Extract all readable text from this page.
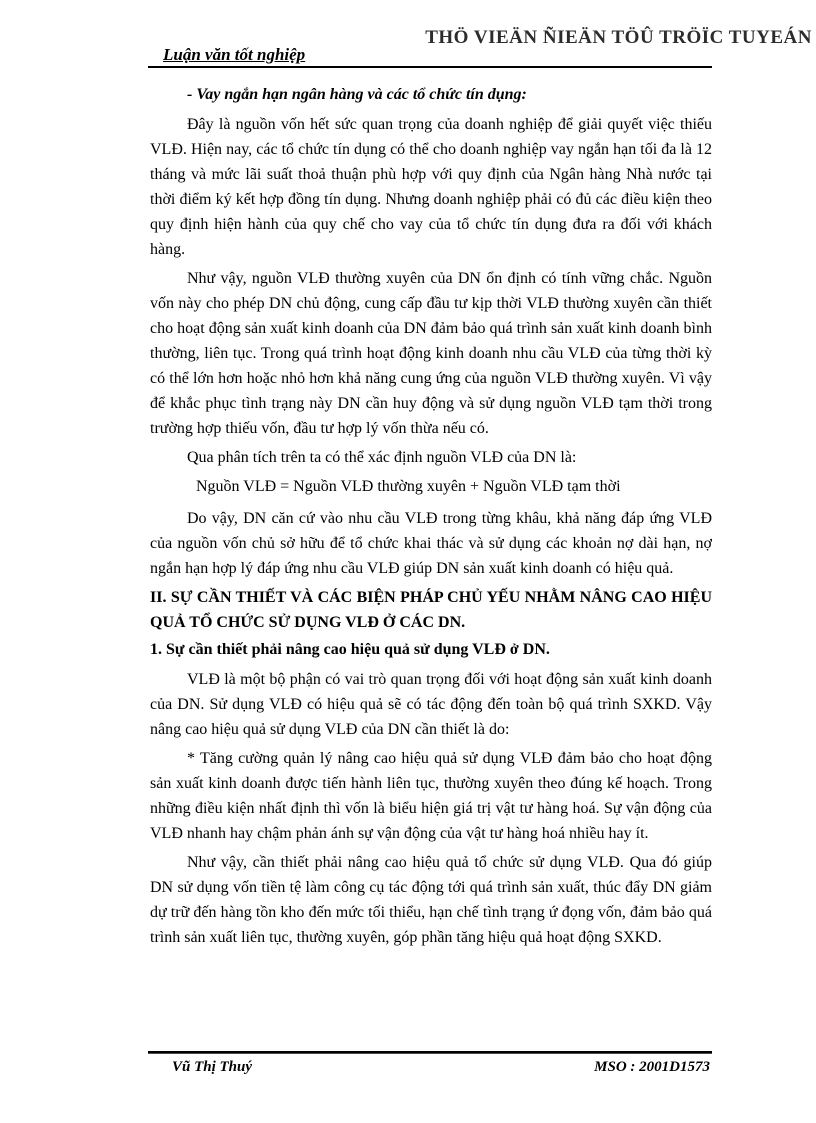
THÖ VIEÄN ÑIEÄN TÖÛ TRÖÏC TUYEÁN
Luận văn tốt nghiệp

- Vay ngắn hạn ngân hàng và các tổ chức tín dụng:

Đây là nguồn vốn hết sức quan trọng của doanh nghiệp để giải quyết việc thiếu VLĐ. Hiện nay, các tổ chức tín dụng có thể cho doanh nghiệp vay ngắn hạn tối đa là 12 tháng và mức lãi suất thoả thuận phù hợp với quy định của Ngân hàng Nhà nước tại thời điểm ký kết hợp đồng tín dụng. Nhưng doanh nghiệp phải có đủ các điều kiện theo quy định hiện hành của quy chế cho vay của tổ chức tín dụng đưa ra đối với khách hàng.

Như vậy, nguồn VLĐ thường xuyên của DN ổn định có tính vững chắc. Nguồn vốn này cho phép DN chủ động, cung cấp đầu tư kịp thời VLĐ thường xuyên cần thiết cho hoạt động sản xuất kinh doanh của DN đảm bảo quá trình sản xuất kinh doanh bình thường, liên tục. Trong quá trình hoạt động kinh doanh nhu cầu VLĐ của từng thời kỳ có thể lớn hơn hoặc nhỏ hơn khả năng cung ứng của nguồn VLĐ thường xuyên. Vì vậy để khắc phục tình trạng này DN cần huy động và sử dụng nguồn VLĐ tạm thời trong trường hợp thiếu vốn, đầu tư hợp lý vốn thừa nếu có.

Qua phân tích trên ta có thể xác định nguồn VLĐ của DN là:

Nguồn VLĐ = Nguồn VLĐ thường xuyên + Nguồn VLĐ tạm thời

Do vậy, DN căn cứ vào nhu cầu VLĐ trong từng khâu, khả năng đáp ứng VLĐ của nguồn vốn chủ sở hữu để tổ chức khai thác và sử dụng các khoản nợ dài hạn, nợ ngắn hạn hợp lý đáp ứng nhu cầu VLĐ giúp DN sản xuất kinh doanh có hiệu quả.

II. SỰ CẦN THIẾT VÀ CÁC BIỆN PHÁP CHỦ YẾU NHẰM NÂNG CAO HIỆU QUẢ TỔ CHỨC SỬ DỤNG VLĐ Ở CÁC DN.

1. Sự cần thiết phải nâng cao hiệu quả sử dụng VLĐ ở DN.

VLĐ là một bộ phận có vai trò quan trọng đối với hoạt động sản xuất kinh doanh của DN. Sử dụng VLĐ có hiệu quả sẽ có tác động đến toàn bộ quá trình SXKD. Vậy nâng cao hiệu quả sử dụng VLĐ của DN cần thiết là do:

* Tăng cường quản lý nâng cao hiệu quả sử dụng VLĐ đảm bảo cho hoạt động sản xuất kinh doanh được tiến hành liên tục, thường xuyên theo đúng kế hoạch. Trong những điều kiện nhất định thì vốn là biểu hiện giá trị vật tư hàng hoá. Sự vận động của VLĐ nhanh hay chậm phản ánh sự vận động của vật tư hàng hoá nhiều hay ít.

Như vậy, cần thiết phải nâng cao hiệu quả tổ chức sử dụng VLĐ. Qua đó giúp DN sử dụng vốn tiền tệ làm công cụ tác động tới quá trình sản xuất, thúc đẩy DN giảm dự trữ đến hàng tồn kho đến mức tối thiểu, hạn chế tình trạng ứ đọng vốn, đảm bảo quá trình sản xuất liên tục, thường xuyên, góp phần tăng hiệu quả hoạt động SXKD.

Vũ Thị Thuý	MSO : 2001D1573
